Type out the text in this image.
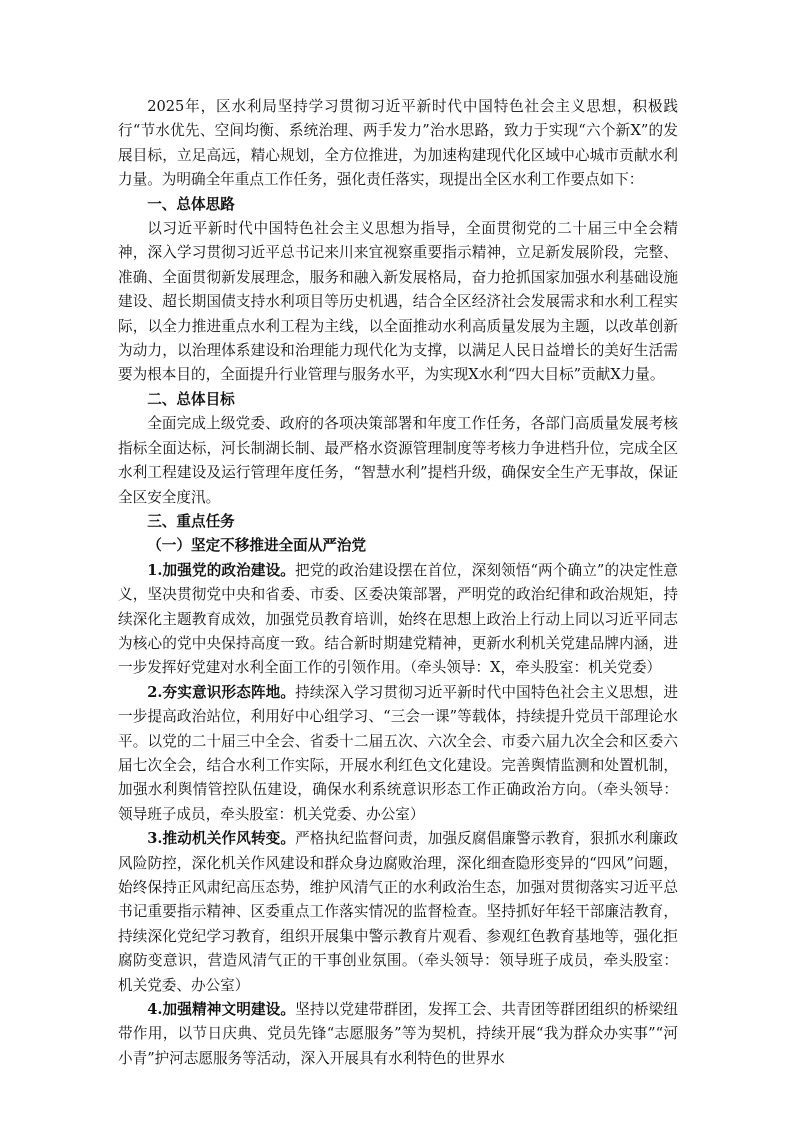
2025年，区水利局坚持学习贯彻习近平新时代中国特色社会主义思想，积极践行“节水优先、空间均衡、系统治理、两手发力”治水思路，致力于实现“六个新X”的发展目标，立足高远，精心规划，全方位推进，为加速构建现代化区域中心城市贡献水利力量。为明确全年重点工作任务，强化责任落实，现提出全区水利工作要点如下：

一、总体思路

以习近平新时代中国特色社会主义思想为指导，全面贯彻党的二十届三中全会精神，深入学习贯彻习近平总书记来川来宜视察重要指示精神，立足新发展阶段，完整、准确、全面贯彻新发展理念，服务和融入新发展格局，奋力抢抓国家加强水利基础设施建设、超长期国债支持水利项目等历史机遇，结合全区经济社会发展需求和水利工程实际，以全力推进重点水利工程为主线，以全面推动水利高质量发展为主题，以改革创新为动力，以治理体系建设和治理能力现代化为支撑，以满足人民日益增长的美好生活需要为根本目的，全面提升行业管理与服务水平，为实现X水利“四大目标”贡献X力量。

二、总体目标

全面完成上级党委、政府的各项决策部署和年度工作任务，各部门高质量发展考核指标全面达标，河长制湖长制、最严格水资源管理制度等考核力争进档升位，完成全区水利工程建设及运行管理年度任务，“智慧水利”提档升级，确保安全生产无事故，保证全区安全度汛。

三、重点任务

（一）坚定不移推进全面从严治党

1.加强党的政治建设。把党的政治建设摆在首位，深刻领悟“两个确立”的决定性意义，坚决贯彻党中央和省委、市委、区委决策部署，严明党的政治纪律和政治规矩，持续深化主题教育成效，加强党员教育培训，始终在思想上政治上行动上同以习近平同志为核心的党中央保持高度一致。结合新时期建党精神，更新水利机关党建品牌内涵，进一步发挥好党建对水利全面工作的引领作用。（牵头领导：X，牵头股室：机关党委）

2.夯实意识形态阵地。持续深入学习贯彻习近平新时代中国特色社会主义思想，进一步提高政治站位，利用好中心组学习、“三会一课”等载体，持续提升党员干部理论水平。以党的二十届三中全会、省委十二届五次、六次全会、市委六届九次全会和区委六届七次全会，结合水利工作实际，开展水利红色文化建设。完善舆情监测和处置机制，加强水利舆情管控队伍建设，确保水利系统意识形态工作正确政治方向。（牵头领导：领导班子成员，牵头股室：机关党委、办公室）

3.推动机关作风转变。严格执纪监督问责，加强反腐倡廉警示教育，狠抓水利廉政风险防控，深化机关作风建设和群众身边腐败治理，深化细查隐形变异的“四风”问题，始终保持正风肃纪高压态势，维护风清气正的水利政治生态，加强对贯彻落实习近平总书记重要指示精神、区委重点工作落实情况的监督检查。坚持抓好年轻干部廉洁教育，持续深化党纪学习教育，组织开展集中警示教育片观看、参观红色教育基地等，强化拒腐防变意识，营造风清气正的干事创业氛围。（牵头领导：领导班子成员，牵头股室：机关党委、办公室）

4.加强精神文明建设。坚持以党建带群团，发挥工会、共青团等群团组织的桥梁纽带作用，以节日庆典、党员先锋“志愿服务”等为契机，持续开展“我为群众办实事”“河小青”护河志愿服务等活动，深入开展具有水利特色的世界水
